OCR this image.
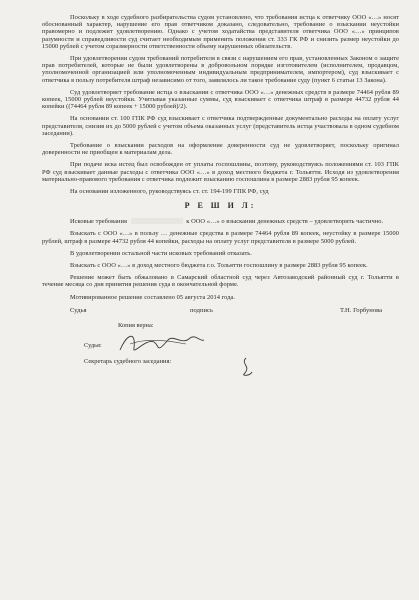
Поскольку в ходе судебного разбирательства судом установлено, что требования истца к ответчику ООО «…» носят обоснованный характер, нарушение его прав ответчиком доказано, следовательно, требование о взыскании неустойки правомерно и подлежит удовлетворению. Однако с учетом ходатайства представителя ответчика ООО «…» принципов разумности и справедливости суд считает необходимым применить положения ст. 333 ГК РФ и снизить размер неустойки до 15000 рублей с учетом соразмерности ответственности объему нарушенных обязательств.

При удовлетворении судом требований потребителя в связи с нарушением его прав, установленных Законом о защите прав потребителей, которые не были удовлетворены в добровольном порядке изготовителем (исполнителем, продавцом, уполномоченной организацией или уполномоченным индивидуальным предпринимателем, импортером), суд взыскивает с ответчика в пользу потребителя штраф независимо от того, заявлялось ли такое требование суду (пункт 6 статьи 13 Закона).

Суд удовлетворяет требование истца о взыскании с ответчика ООО «…» денежных средств в размере 74464 рубля 89 копеек, 15000 рублей неустойки. Учитывая указанные суммы, суд взыскивает с ответчика штраф в размере 44732 рубля 44 копейки ((74464 рубля 89 копеек + 15000 рублей)/2).

На основании ст. 100 ГПК РФ суд взыскивает с ответчика подтвержденные документально расходы на оплату услуг представителя, снизив их до 5000 рублей с учетом объема оказанных услуг (представитель истца участвовала в одном судебном заседании).

Требование о взыскании расходов на оформление доверенности суд не удовлетворяет, поскольку оригинал доверенности не приобщен к материалам дела.

При подаче иска истец был освобожден от уплаты госпошлины, поэтому, руководствуясь положениями ст. 103 ГПК РФ суд взыскивает данные расходы с ответчика ООО «…» в доход местного бюджета г. Тольятти. Исходя из удовлетворения материально-правового требования с ответчика подлежит взысканию госпошлина в размере 2883 рубля 95 копеек.

На основании изложенного, руководствуясь ст. ст. 194-199 ГПК РФ, суд

Р Е Ш И Л:

Исковые требования	к ООО «…» о взыскании денежных средств – удовлетворить частично.

Взыскать с ООО «…» в пользу … денежные средства в размере 74464 рубля 89 копеек, неустойку в размере 15000 рублей, штраф в размере 44732 рубля 44 копейки, расходы на оплату услуг представителя в размере 5000 рублей.

В удовлетворении остальной части исковых требований отказать.

Взыскать с ООО «…» в доход местного бюджета г.о. Тольятти госпошлину в размере 2883 рубля 95 копеек.

Решение может быть обжаловано в Самарский областной суд через Автозаводский районный суд г. Тольятти в течение месяца со дня принятия решения суда в окончательной форме.

Мотивированное решение составлено 05 августа 2014 года.

Судья	подпись	Т.Н. Горбунова
Копия верна:
Судья:
Секретарь судебного заседания:
